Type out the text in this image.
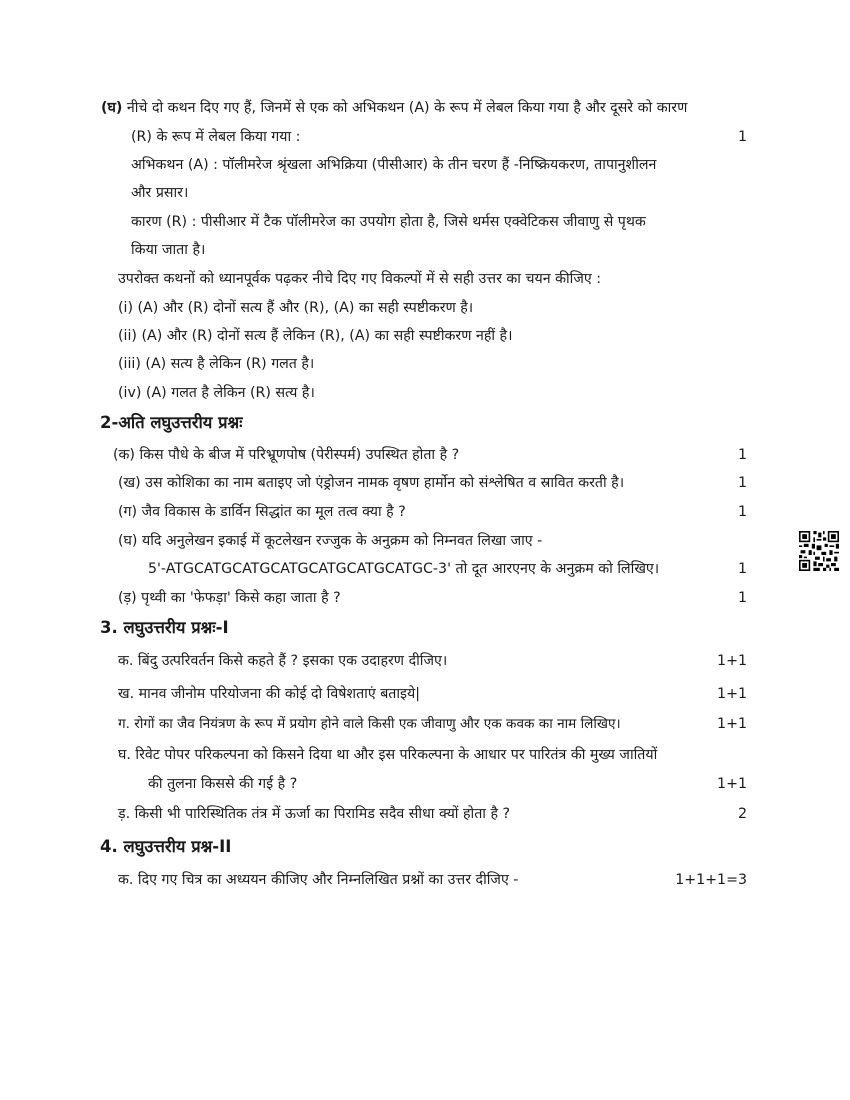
(घ) नीचे दो कथन दिए गए हैं, जिनमें से एक को अभिकथन (A) के रूप में लेबल किया गया है और दूसरे को कारण
(R) के रूप में लेबल किया गया :	1
अभिकथन (A) : पॉलीमरेज श्रृंखला अभिक्रिया (पीसीआर) के तीन चरण हैं -निष्क्रियकरण, तापानुशीलन
और प्रसार।
कारण (R) : पीसीआर में टैक पॉलीमरेज का उपयोग होता है, जिसे थर्मस एक्वेटिकस जीवाणु से पृथक
किया जाता है।
उपरोक्त कथनों को ध्यानपूर्वक पढ़कर नीचे दिए गए विकल्पों में से सही उत्तर का चयन कीजिए :
(i) (A) और (R) दोनों सत्य हैं और (R), (A) का सही स्पष्टीकरण है।
(ii) (A) और (R) दोनों सत्य हैं लेकिन (R), (A) का सही स्पष्टीकरण नहीं है।
(iii) (A) सत्य है लेकिन (R) गलत है।
(iv) (A) गलत है लेकिन (R) सत्य है।
2-अति लघुउत्तरीय प्रश्नः
(क) किस पौधे के बीज में परिभ्रूणपोष (पेरीस्पर्म) उपस्थित होता है ?	1
(ख) उस कोशिका का नाम बताइए जो एंड्रोजन नामक वृषण हार्मोन को संश्लेषित व स्रावित करती है।	1
(ग) जैव विकास के डार्विन सिद्धांत का मूल तत्व क्या है ?	1
(घ) यदि अनुलेखन इकाई में कूटलेखन रज्जुक के अनुक्रम को निम्नवत लिखा जाए -
5'-ATGCATGCATGCATGCATGCATGCATGC-3' तो दूत आरएनए के अनुक्रम को लिखिए।	1
(ड़) पृथ्वी का 'फेफड़ा' किसे कहा जाता है ?	1
3. लघुउत्तरीय प्रश्नः-I
क. बिंदु उत्परिवर्तन किसे कहते हैं ? इसका एक उदाहरण दीजिए।	1+1
ख. मानव जीनोम परियोजना की कोई दो विषेशताएं बताइये|	1+1
ग. रोगों का जैव नियंत्रण के रूप में प्रयोग होने वाले किसी एक जीवाणु और एक कवक का नाम लिखिए।	1+1
घ. रिवेट पोपर परिकल्पना को किसने दिया था और इस परिकल्पना के आधार पर पारितंत्र की मुख्य जातियों
की तुलना किससे की गई है ?	1+1
ड़. किसी भी पारिस्थितिक तंत्र में ऊर्जा का पिरामिड सदैव सीधा क्यों होता है ?	2
4. लघुउत्तरीय प्रश्न-II
क. दिए गए चित्र का अध्ययन कीजिए और निम्नलिखित प्रश्नों का उत्तर दीजिए -	1+1+1=3
